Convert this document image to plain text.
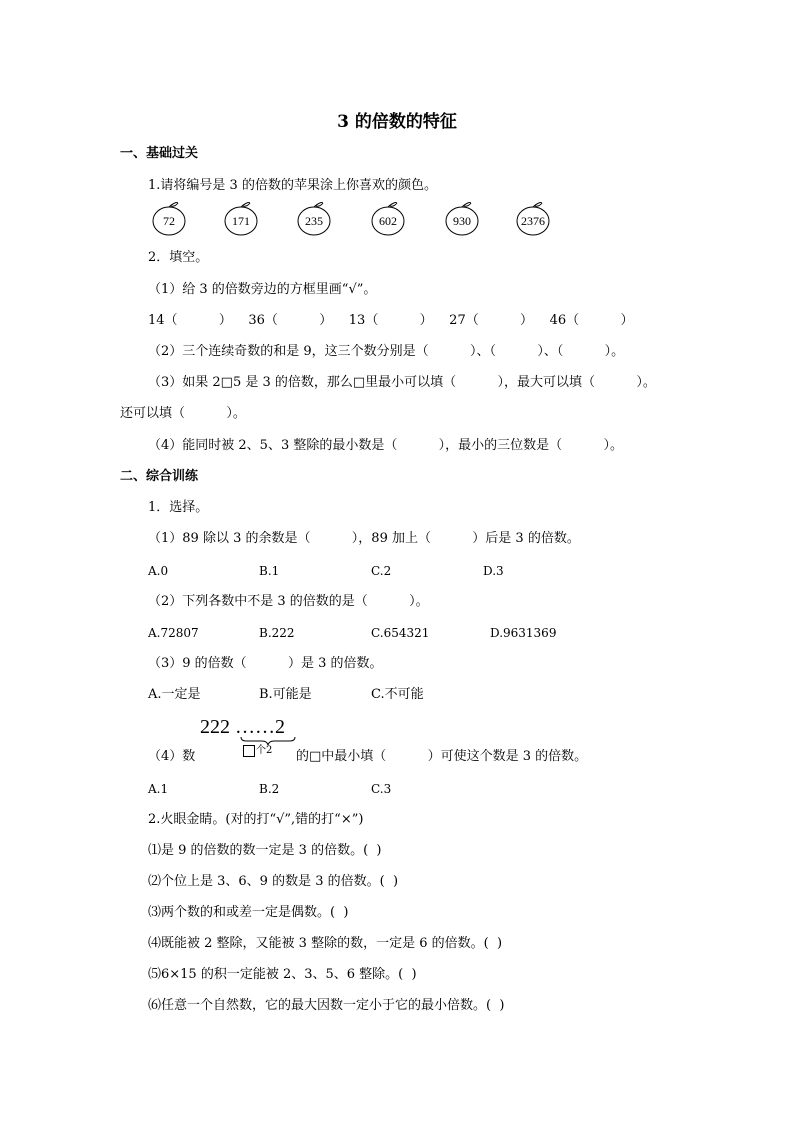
3 的倍数的特征
一、基础过关
1.请将编号是 3 的倍数的苹果涂上你喜欢的颜色。
72	171	235	602	930	2376
2．填空。
（1）给 3 的倍数旁边的方框里画“√”。
14（          ）    36（          ）    13（          ）    27（          ）    46（          ）
（2）三个连续奇数的和是 9，这三个数分别是（          ）、（          ）、（          ）。
（3）如果 2□5 是 3 的倍数，那么□里最小可以填（          ），最大可以填（          ）。
还可以填（          ）。
（4）能同时被 2、5、3 整除的最小数是（          ），最小的三位数是（          ）。
二、综合训练
1．选择。
（1）89 除以 3 的余数是（          ），89 加上（          ）后是 3 的倍数。
A.0	B.1	C.2	D.3
（2）下列各数中不是 3 的倍数的是（          ）。
A.72807	B.222	C.654321	D.9631369
（3）9 的倍数（          ）是 3 的倍数。
A.一定是	B.可能是	C.不可能
222 ……2
个2
（4）数	的□中最小填（          ）可使这个数是 3 的倍数。
A.1	B.2	C.3
2.火眼金睛。(对的打“√”,错的打“×”)
⑴是 9 的倍数的数一定是 3 的倍数。(  )
⑵个位上是 3、6、9 的数是 3 的倍数。(  )
⑶两个数的和或差一定是偶数。(  )
⑷既能被 2 整除，又能被 3 整除的数，一定是 6 的倍数。(  )
⑸6×15 的积一定能被 2、3、5、6 整除。(  )
⑹任意一个自然数，它的最大因数一定小于它的最小倍数。(  )
